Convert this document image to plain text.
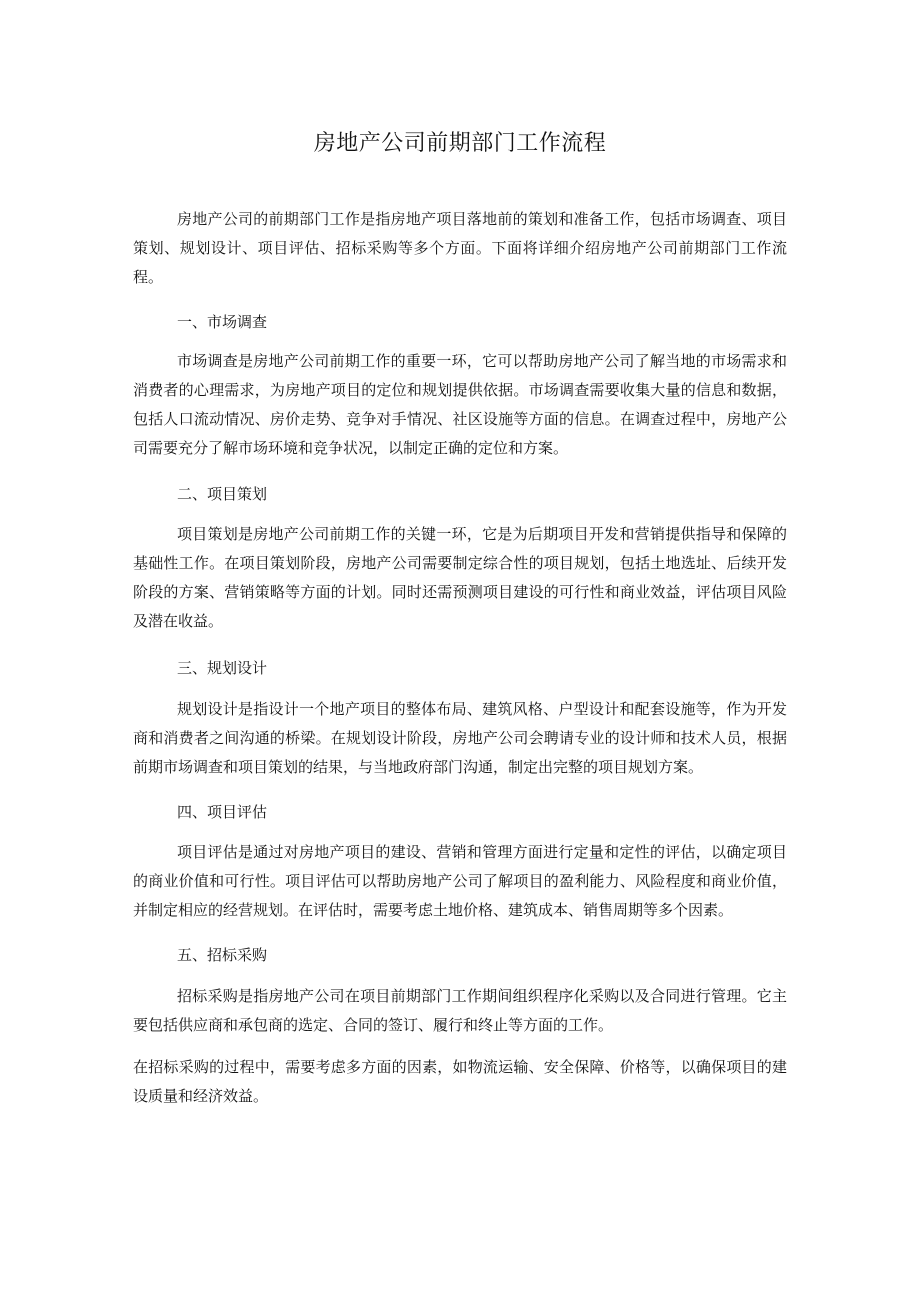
房地产公司前期部门工作流程

房地产公司的前期部门工作是指房地产项目落地前的策划和准备工作，包括市场调查、项目策划、规划设计、项目评估、招标采购等多个方面。下面将详细介绍房地产公司前期部门工作流程。

一、市场调查

市场调查是房地产公司前期工作的重要一环，它可以帮助房地产公司了解当地的市场需求和消费者的心理需求，为房地产项目的定位和规划提供依据。市场调查需要收集大量的信息和数据，包括人口流动情况、房价走势、竞争对手情况、社区设施等方面的信息。在调查过程中，房地产公司需要充分了解市场环境和竞争状况，以制定正确的定位和方案。

二、项目策划

项目策划是房地产公司前期工作的关键一环，它是为后期项目开发和营销提供指导和保障的基础性工作。在项目策划阶段，房地产公司需要制定综合性的项目规划，包括土地选址、后续开发阶段的方案、营销策略等方面的计划。同时还需预测项目建设的可行性和商业效益，评估项目风险及潜在收益。

三、规划设计

规划设计是指设计一个地产项目的整体布局、建筑风格、户型设计和配套设施等，作为开发商和消费者之间沟通的桥梁。在规划设计阶段，房地产公司会聘请专业的设计师和技术人员，根据前期市场调查和项目策划的结果，与当地政府部门沟通，制定出完整的项目规划方案。

四、项目评估

项目评估是通过对房地产项目的建设、营销和管理方面进行定量和定性的评估，以确定项目的商业价值和可行性。项目评估可以帮助房地产公司了解项目的盈利能力、风险程度和商业价值，并制定相应的经营规划。在评估时，需要考虑土地价格、建筑成本、销售周期等多个因素。

五、招标采购

招标采购是指房地产公司在项目前期部门工作期间组织程序化采购以及合同进行管理。它主要包括供应商和承包商的选定、合同的签订、履行和终止等方面的工作。

在招标采购的过程中，需要考虑多方面的因素，如物流运输、安全保障、价格等，以确保项目的建设质量和经济效益。
